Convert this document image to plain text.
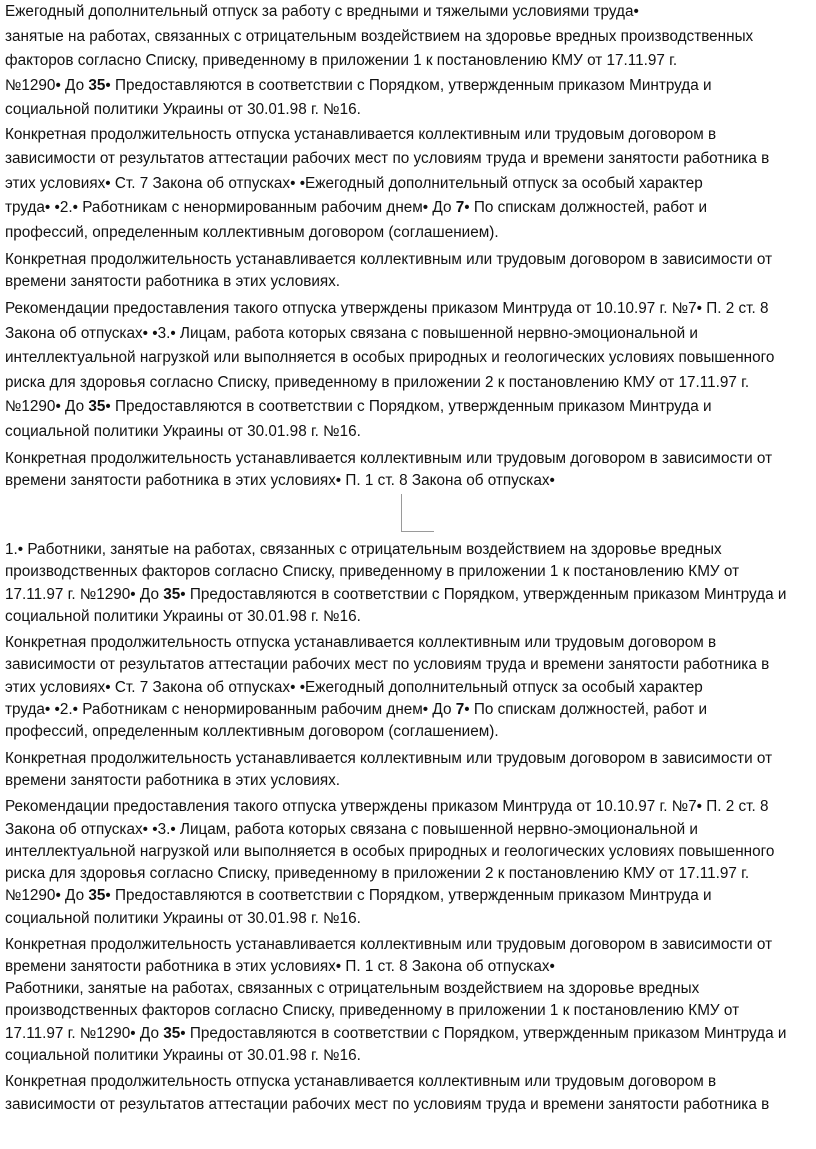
Ежегодный дополнительный отпуск за работу с вредными и тяжелыми условиями труда•
занятые на работах, связанных с отрицательным воздействием на здоровье вредных производственных
факторов согласно Списку, приведенному в приложении 1 к постановлению КМУ от 17.11.97 г.
№1290• До 35• Предоставляются в соответствии с Порядком, утвержденным приказом Минтруда и
социальной политики Украины от 30.01.98 г. №16.

Конкретная продолжительность отпуска устанавливается коллективным или трудовым договором в
зависимости от результатов аттестации рабочих мест по условиям труда и времени занятости работника в
этих условиях• Ст. 7 Закона об отпусках• •Ежегодный дополнительный отпуск за особый характер
труда• •2.• Работникам с ненормированным рабочим днем• До 7• По спискам должностей, работ и
профессий, определенным коллективным договором (соглашением).

Конкретная продолжительность устанавливается коллективным или трудовым договором в зависимости от
времени занятости работника в этих условиях.

Рекомендации предоставления такого отпуска утверждены приказом Минтруда от 10.10.97 г. №7• П. 2 ст. 8
Закона об отпусках• •3.• Лицам, работа которых связана с повышенной нервно-эмоциональной и
интеллектуальной нагрузкой или выполняется в особых природных и геологических условиях повышенного
риска для здоровья согласно Списку, приведенному в приложении 2 к постановлению КМУ от 17.11.97 г.
№1290• До 35• Предоставляются в соответствии с Порядком, утвержденным приказом Минтруда и
социальной политики Украины от 30.01.98 г. №16.

Конкретная продолжительность устанавливается коллективным или трудовым договором в зависимости от
времени занятости работника в этих условиях• П. 1 ст. 8 Закона об отпусках•

1.• Работники, занятые на работах, связанных с отрицательным воздействием на здоровье вредных
производственных факторов согласно Списку, приведенному в приложении 1 к постановлению КМУ от
17.11.97 г. №1290• До 35• Предоставляются в соответствии с Порядком, утвержденным приказом Минтруда и
социальной политики Украины от 30.01.98 г. №16.

Конкретная продолжительность отпуска устанавливается коллективным или трудовым договором в
зависимости от результатов аттестации рабочих мест по условиям труда и времени занятости работника в
этих условиях• Ст. 7 Закона об отпусках• •Ежегодный дополнительный отпуск за особый характер
труда• •2.• Работникам с ненормированным рабочим днем• До 7• По спискам должностей, работ и
профессий, определенным коллективным договором (соглашением).

Конкретная продолжительность устанавливается коллективным или трудовым договором в зависимости от
времени занятости работника в этих условиях.

Рекомендации предоставления такого отпуска утверждены приказом Минтруда от 10.10.97 г. №7• П. 2 ст. 8
Закона об отпусках• •3.• Лицам, работа которых связана с повышенной нервно-эмоциональной и
интеллектуальной нагрузкой или выполняется в особых природных и геологических условиях повышенного
риска для здоровья согласно Списку, приведенному в приложении 2 к постановлению КМУ от 17.11.97 г.
№1290• До 35• Предоставляются в соответствии с Порядком, утвержденным приказом Минтруда и
социальной политики Украины от 30.01.98 г. №16.

Конкретная продолжительность устанавливается коллективным или трудовым договором в зависимости от
времени занятости работника в этих условиях• П. 1 ст. 8 Закона об отпусках•

Работники, занятые на работах, связанных с отрицательным воздействием на здоровье вредных
производственных факторов согласно Списку, приведенному в приложении 1 к постановлению КМУ от
17.11.97 г. №1290• До 35• Предоставляются в соответствии с Порядком, утвержденным приказом Минтруда и
социальной политики Украины от 30.01.98 г. №16.

Конкретная продолжительность отпуска устанавливается коллективным или трудовым договором в
зависимости от результатов аттестации рабочих мест по условиям труда и времени занятости работника в
